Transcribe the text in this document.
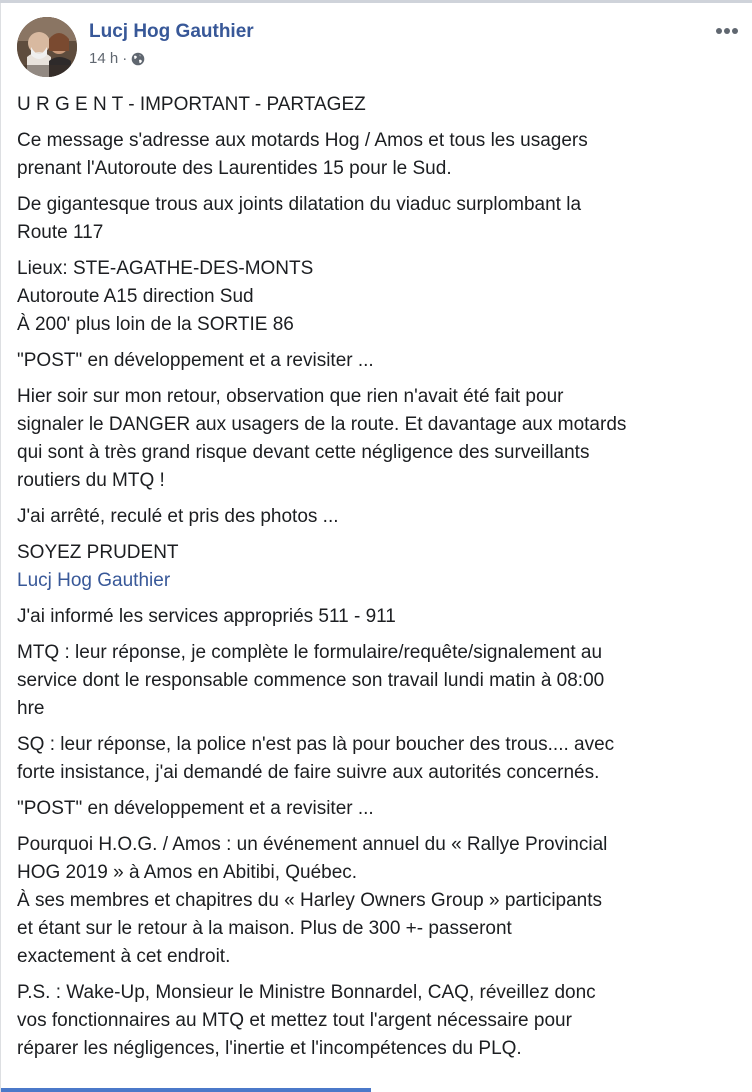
Lucj Hog Gauthier
14 h ·

U R G E N T - IMPORTANT - PARTAGEZ

Ce message s'adresse aux motards Hog / Amos et tous les usagers
prenant l'Autoroute des Laurentides 15 pour le Sud.

De gigantesque trous aux joints dilatation du viaduc surplombant la
Route 117

Lieux: STE-AGATHE-DES-MONTS
Autoroute A15 direction Sud
À 200' plus loin de la SORTIE 86

"POST" en développement et a revisiter ...

Hier soir sur mon retour, observation que rien n'avait été fait pour
signaler le DANGER aux usagers de la route. Et davantage aux motards
qui sont à très grand risque devant cette négligence des surveillants
routiers du MTQ !

J'ai arrêté, reculé et pris des photos ...

SOYEZ PRUDENT
Lucj Hog Gauthier

J'ai informé les services appropriés 511 - 911

MTQ : leur réponse, je complète le formulaire/requête/signalement au
service dont le responsable commence son travail lundi matin à 08:00
hre

SQ : leur réponse, la police n'est pas là pour boucher des trous.... avec
forte insistance, j'ai demandé de faire suivre aux autorités concernés.

"POST" en développement et a revisiter ...

Pourquoi H.O.G. / Amos : un événement annuel du « Rallye Provincial
HOG 2019 » à Amos en Abitibi, Québec.
À ses membres et chapitres du « Harley Owners Group » participants
et étant sur le retour à la maison. Plus de 300 +- passeront
exactement à cet endroit.

P.S. : Wake-Up, Monsieur le Ministre Bonnardel, CAQ, réveillez donc
vos fonctionnaires au MTQ et mettez tout l'argent nécessaire pour
réparer les négligences, l'inertie et l'incompétences du PLQ.
